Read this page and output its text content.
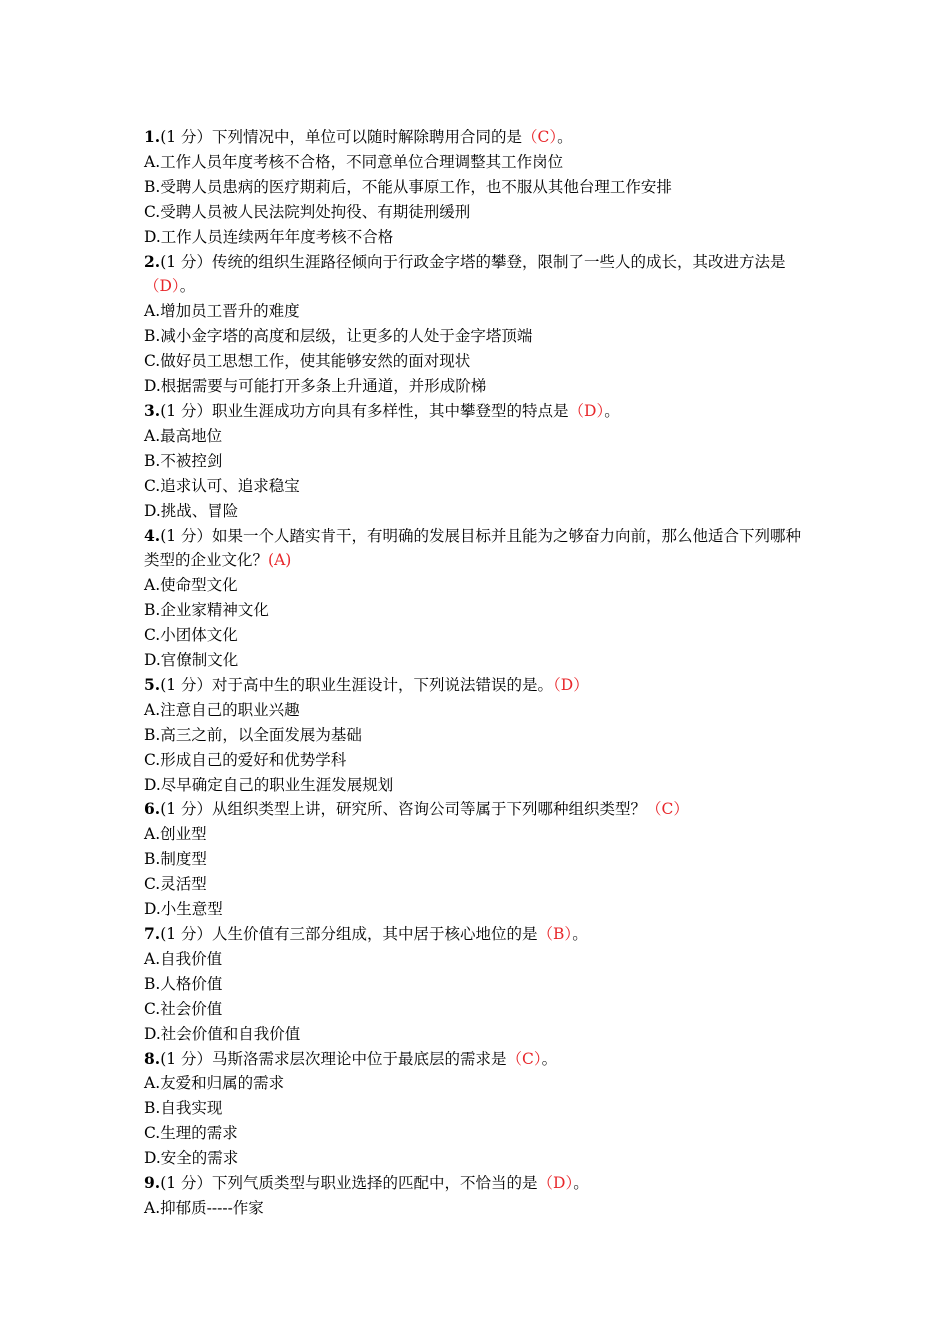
1.(1 分）下列情况中，单位可以随时解除聘用合同的是（C）。

A.工作人员年度考核不合格，不同意单位合理调整其工作岗位

B.受聘人员患病的医疗期莉后，不能从事原工作，也不服从其他台理工作安排

C.受聘人员被人民法院判处拘役、有期徒刑缓刑

D.工作人员连续两年年度考核不合格

2.(1 分）传统的组织生涯路径倾向于行政金字塔的攀登，限制了一些人的成长，其改进方法是（D）。

A.增加员工晋升的难度

B.减小金字塔的高度和层级，让更多的人处于金字塔顶端

C.做好员工思想工作，使其能够安然的面对现状

D.根据需要与可能打开多条上升通道，并形成阶梯

3.(1 分）职业生涯成功方向具有多样性，其中攀登型的特点是（D）。

A.最高地位

B.不被控剑

C.追求认可、追求稳宝

D.挑战、冒险

4.(1 分）如果一个人踏实肯干，有明确的发展目标并且能为之够奋力向前，那么他适合下列哪种类型的企业文化？(A)

A.使命型文化

B.企业家精神文化

C.小团体文化

D.官僚制文化

5.(1 分）对于高中生的职业生涯设计，下列说法错误的是。（D）

A.注意自己的职业兴趣

B.高三之前，以全面发展为基础

C.形成自己的爱好和优势学科

D.尽早确定自己的职业生涯发展规划

6.(1 分）从组织类型上讲，研究所、咨询公司等属于下列哪种组织类型？（C）

A.创业型

B.制度型

C.灵活型

D.小生意型

7.(1 分）人生价值有三部分组成，其中居于核心地位的是（B）。

A.自我价值

B.人格价值

C.社会价值

D.社会价值和自我价值

8.(1 分）马斯洛需求层次理论中位于最底层的需求是（C）。

A.友爱和归属的需求

B.自我实现

C.生理的需求

D.安全的需求

9.(1 分）下列气质类型与职业选择的匹配中，不恰当的是（D）。

A.抑郁质-----作家
